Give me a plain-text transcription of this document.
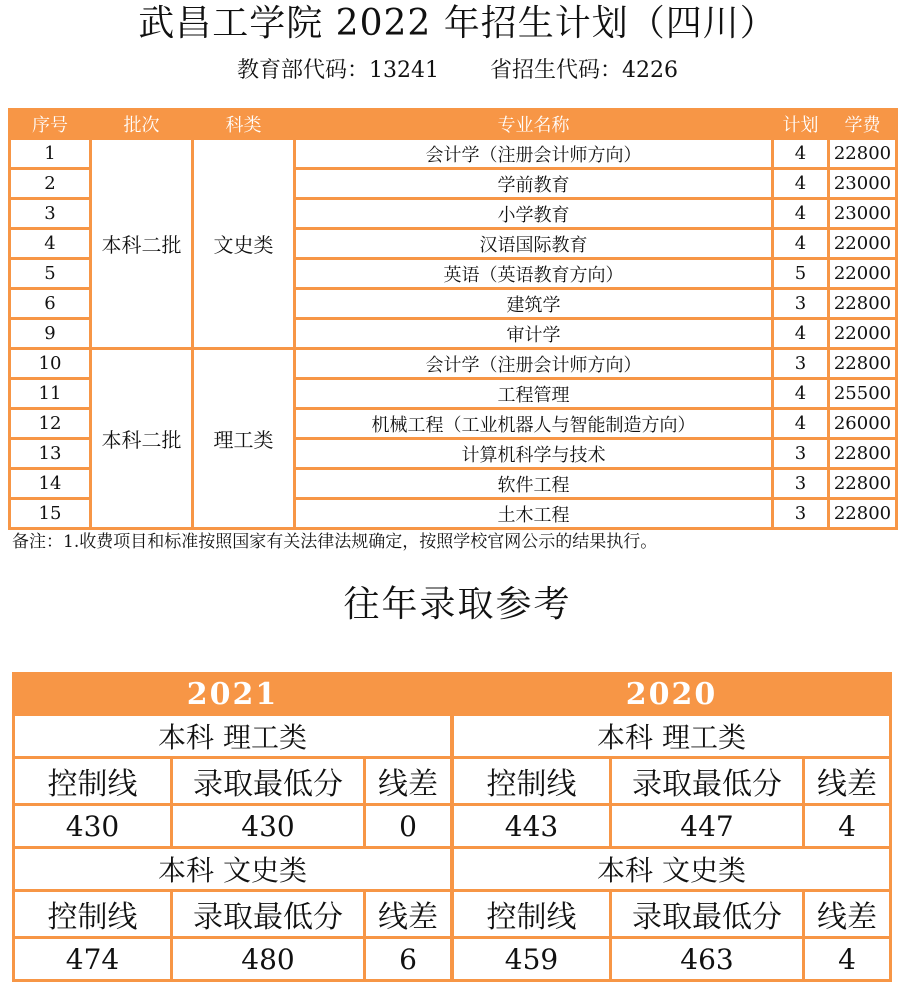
武昌工学院 2022 年招生计划（四川）
教育部代码：13241 省招生代码：4226
序号	批次	科类	专业名称	计划	学费
1	本科二批	文史类	会计学（注册会计师方向）	4	22800
2			学前教育	4	23000
3			小学教育	4	23000
4			汉语国际教育	4	22000
5			英语（英语教育方向）	5	22000
6			建筑学	3	22800
9			审计学	4	22000
10	本科二批	理工类	会计学（注册会计师方向）	3	22800
11			工程管理	4	25500
12			机械工程（工业机器人与智能制造方向）	4	26000
13			计算机科学与技术	3	22800
14			软件工程	3	22800
15			土木工程	3	22800
备注：1.收费项目和标准按照国家有关法律法规确定，按照学校官网公示的结果执行。
往年录取参考
2021		
本科 理工类		
控制线	录取最低分	线差
430	430	0
本科 文史类		
控制线	录取最低分	线差
474	480	6
2020		
本科 理工类		
控制线	录取最低分	线差
443	447	4
本科 文史类		
控制线	录取最低分	线差
459	463	4
